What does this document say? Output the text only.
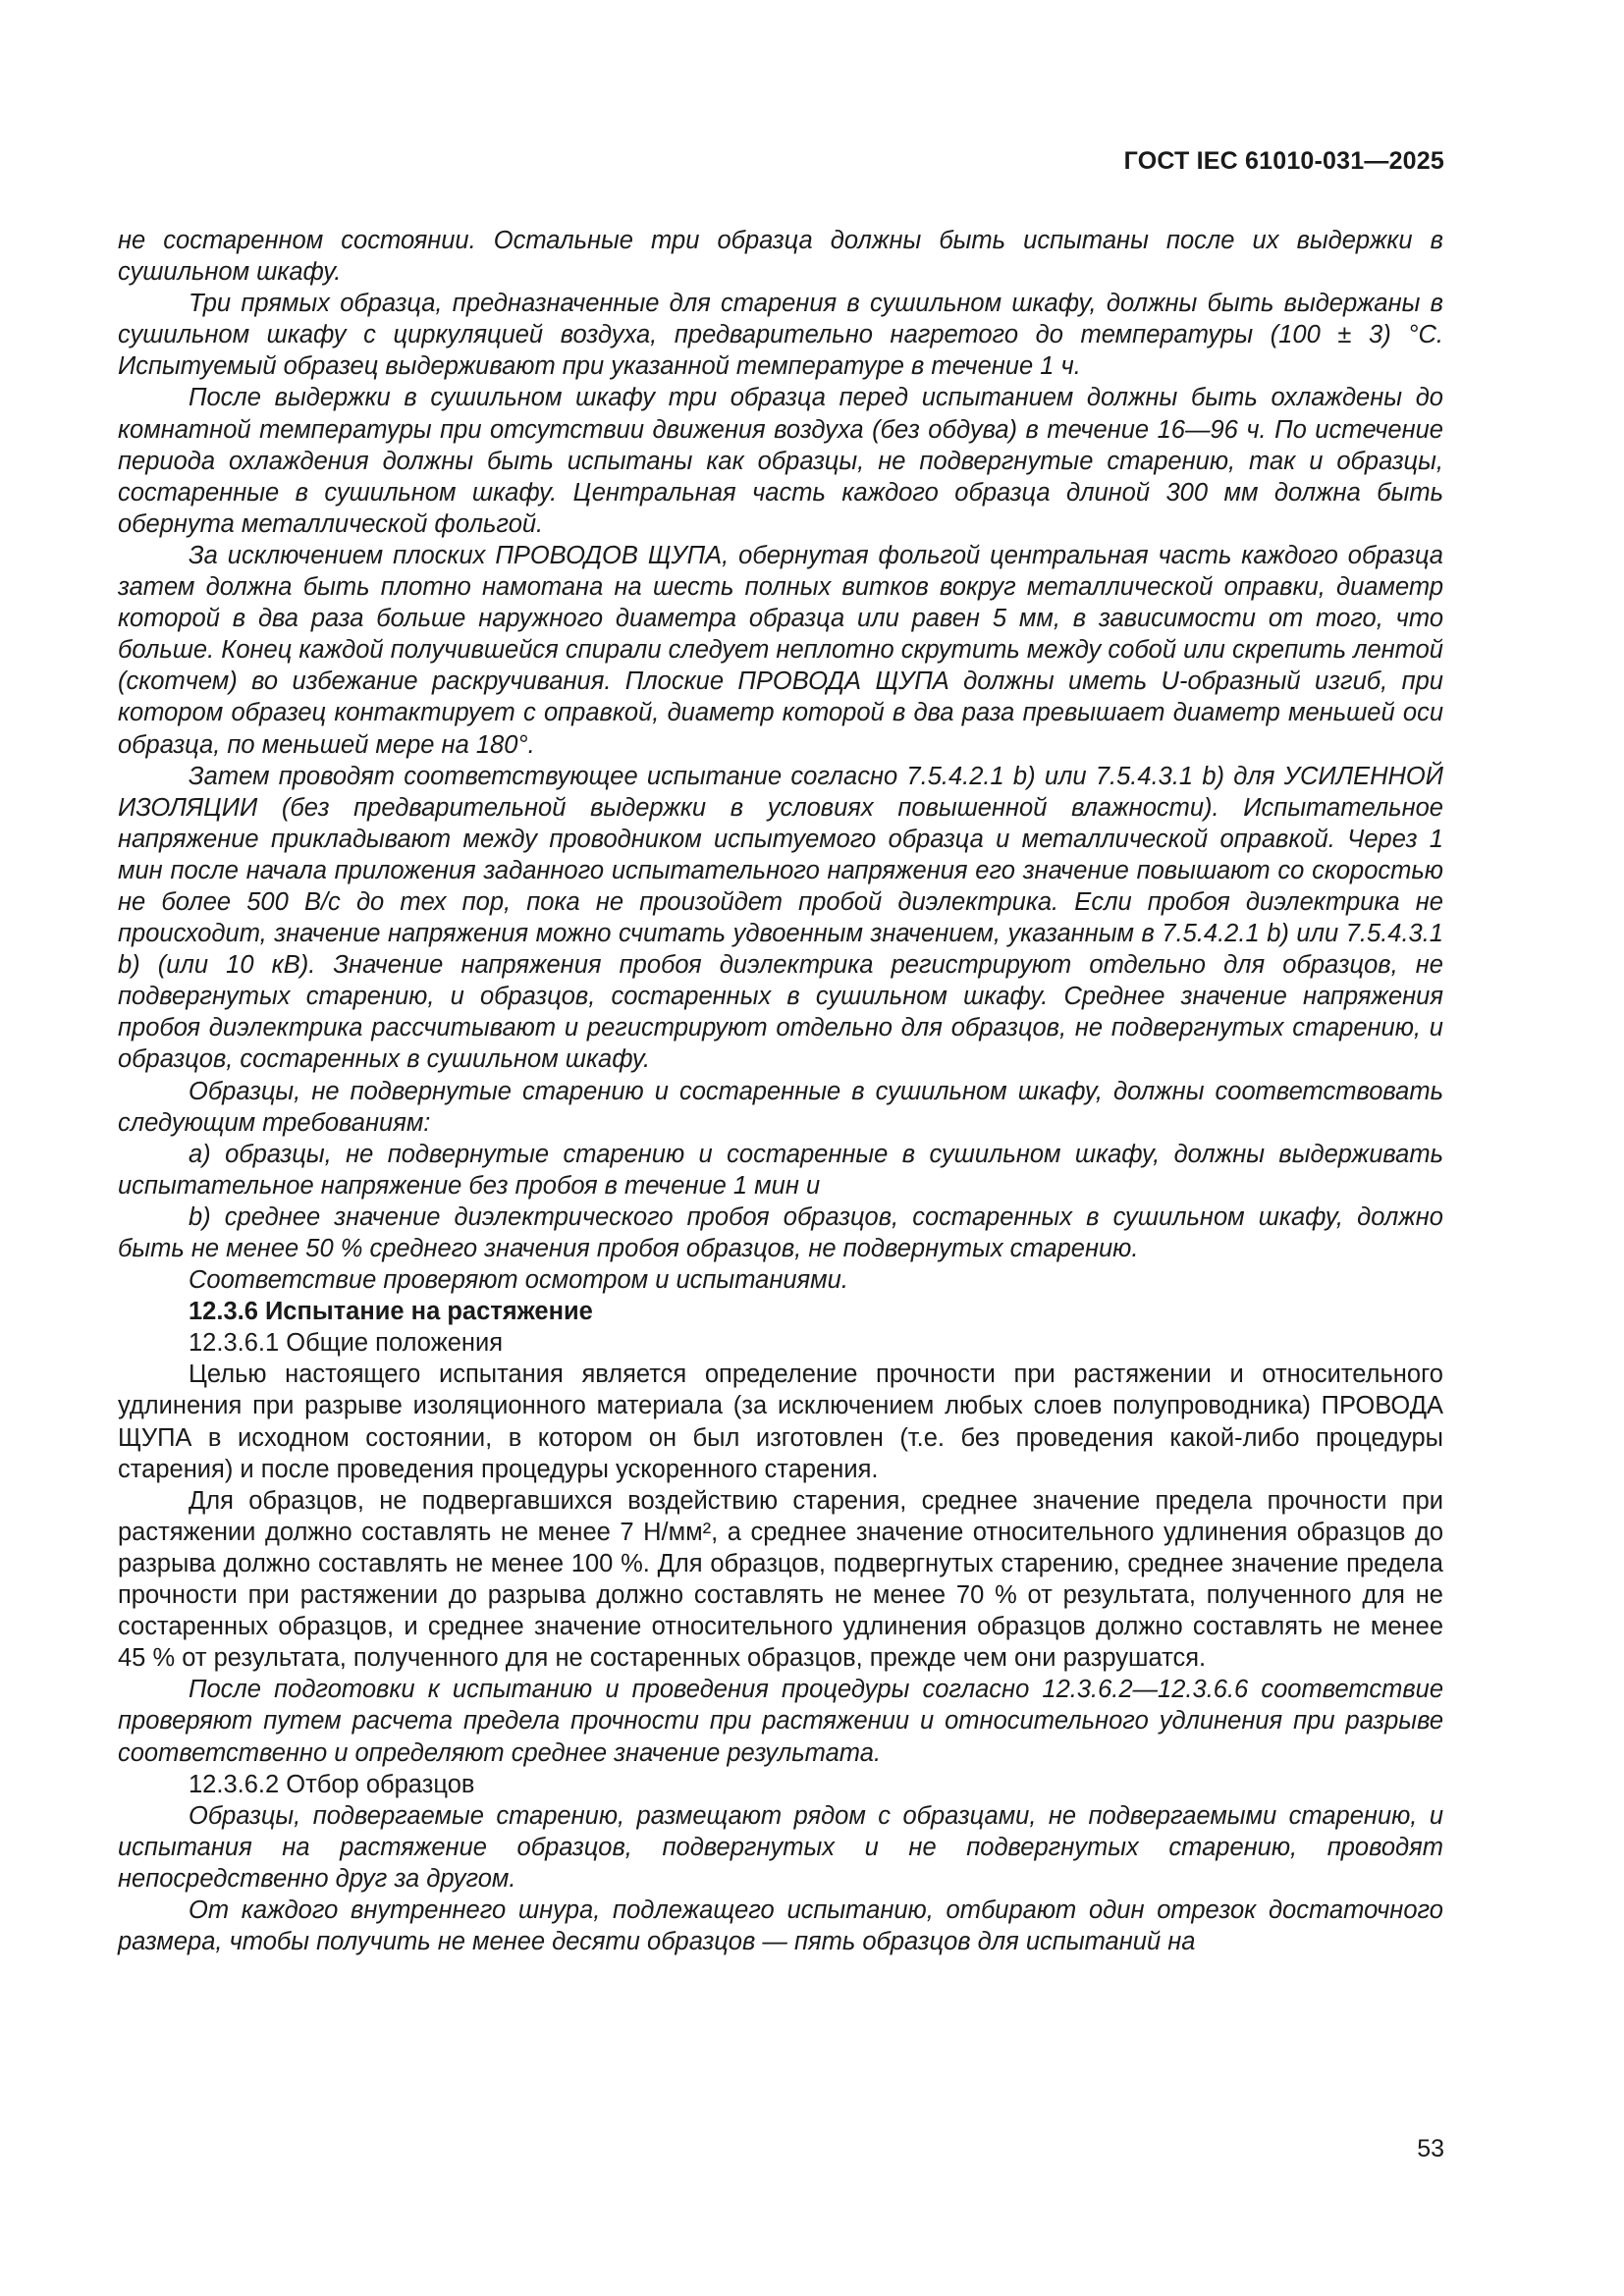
ГОСТ IEC 61010-031—2025

не состаренном состоянии. Остальные три образца должны быть испытаны после их выдержки в сушильном шкафу.

Три прямых образца, предназначенные для старения в сушильном шкафу, должны быть выдержаны в сушильном шкафу с циркуляцией воздуха, предварительно нагретого до температуры (100 ± 3) °C. Испытуемый образец выдерживают при указанной температуре в течение 1 ч.

После выдержки в сушильном шкафу три образца перед испытанием должны быть охлаждены до комнатной температуры при отсутствии движения воздуха (без обдува) в течение 16—96 ч. По истечение периода охлаждения должны быть испытаны как образцы, не подвергнутые старению, так и образцы, состаренные в сушильном шкафу. Центральная часть каждого образца длиной 300 мм должна быть обернута металлической фольгой.

За исключением плоских ПРОВОДОВ ЩУПА, обернутая фольгой центральная часть каждого образца затем должна быть плотно намотана на шесть полных витков вокруг металлической оправки, диаметр которой в два раза больше наружного диаметра образца или равен 5 мм, в зависимости от того, что больше. Конец каждой получившейся спирали следует неплотно скрутить между собой или скрепить лентой (скотчем) во избежание раскручивания. Плоские ПРОВОДА ЩУПА должны иметь U-образный изгиб, при котором образец контактирует с оправкой, диаметр которой в два раза превышает диаметр меньшей оси образца, по меньшей мере на 180°.

Затем проводят соответствующее испытание согласно 7.5.4.2.1 b) или 7.5.4.3.1 b) для УСИЛЕННОЙ ИЗОЛЯЦИИ (без предварительной выдержки в условиях повышенной влажности). Испытательное напряжение прикладывают между проводником испытуемого образца и металлической оправкой. Через 1 мин после начала приложения заданного испытательного напряжения его значение повышают со скоростью не более 500 В/с до тех пор, пока не произойдет пробой диэлектрика. Если пробоя диэлектрика не происходит, значение напряжения можно считать удвоенным значением, указанным в 7.5.4.2.1 b) или 7.5.4.3.1 b) (или 10 кВ). Значение напряжения пробоя диэлектрика регистрируют отдельно для образцов, не подвергнутых старению, и образцов, состаренных в сушильном шкафу. Среднее значение напряжения пробоя диэлектрика рассчитывают и регистрируют отдельно для образцов, не подвергнутых старению, и образцов, состаренных в сушильном шкафу.

Образцы, не подвернутые старению и состаренные в сушильном шкафу, должны соответствовать следующим требованиям:

а) образцы, не подвернутые старению и состаренные в сушильном шкафу, должны выдерживать испытательное напряжение без пробоя в течение 1 мин и

b) среднее значение диэлектрического пробоя образцов, состаренных в сушильном шкафу, должно быть не менее 50 % среднего значения пробоя образцов, не подвернутых старению.

Соответствие проверяют осмотром и испытаниями.

12.3.6 Испытание на растяжение

12.3.6.1 Общие положения

Целью настоящего испытания является определение прочности при растяжении и относительного удлинения при разрыве изоляционного материала (за исключением любых слоев полупроводника) ПРОВОДА ЩУПА в исходном состоянии, в котором он был изготовлен (т.е. без проведения какой-либо процедуры старения) и после проведения процедуры ускоренного старения.

Для образцов, не подвергавшихся воздействию старения, среднее значение предела прочности при растяжении должно составлять не менее 7 Н/мм², а среднее значение относительного удлинения образцов до разрыва должно составлять не менее 100 %. Для образцов, подвергнутых старению, среднее значение предела прочности при растяжении до разрыва должно составлять не менее 70 % от результата, полученного для не состаренных образцов, и среднее значение относительного удлинения образцов должно составлять не менее 45 % от результата, полученного для не состаренных образцов, прежде чем они разрушатся.

После подготовки к испытанию и проведения процедуры согласно 12.3.6.2—12.3.6.6 соответствие проверяют путем расчета предела прочности при растяжении и относительного удлинения при разрыве соответственно и определяют среднее значение результата.

12.3.6.2 Отбор образцов

Образцы, подвергаемые старению, размещают рядом с образцами, не подвергаемыми старению, и испытания на растяжение образцов, подвергнутых и не подвергнутых старению, проводят непосредственно друг за другом.

От каждого внутреннего шнура, подлежащего испытанию, отбирают один отрезок достаточного размера, чтобы получить не менее десяти образцов — пять образцов для испытаний на

53
